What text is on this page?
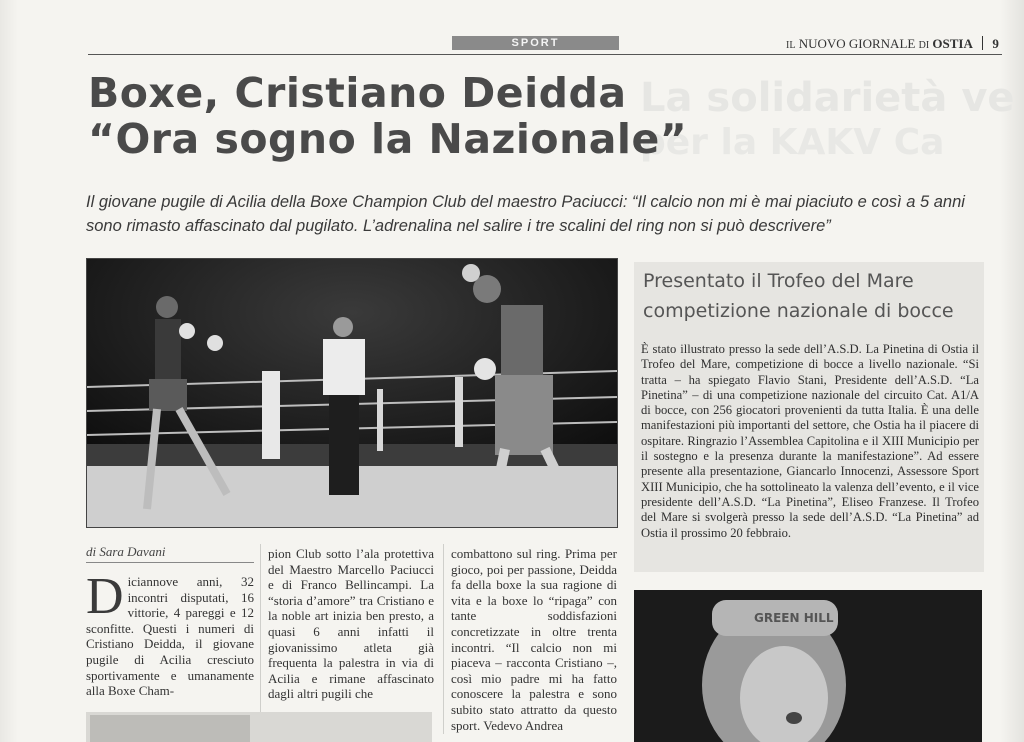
SPORT	IL NUOVO GIORNALE DI OSTIA 9
La solidarietà ve
per la KAKV Ca
Boxe, Cristiano Deidda
“Ora sogno la Nazionale”
Il giovane pugile di Acilia della Boxe Champion Club del maestro Paciucci: “Il calcio non mi è mai piaciuto e così a 5 anni sono rimasto affascinato dal pugilato. L’adrenalina nel salire i tre scalini del ring non si può descrivere”
Presentato il Trofeo del Mare
competizione nazionale di bocce
È stato illustrato presso la sede dell’A.S.D. La Pinetina di Ostia il Trofeo del Mare, competizione di bocce a livello nazionale. “Si tratta – ha spiegato Flavio Stani, Presidente dell’A.S.D. “La Pinetina” – di una competizione nazionale del circuito Cat. A1/A di bocce, con 256 giocatori provenienti da tutta Italia. È una delle manifestazioni più importanti del settore, che Ostia ha il piacere di ospitare. Ringrazio l’Assemblea Capitolina e il XIII Municipio per il sostegno e la presenza durante la manifestazione”. Ad essere presente alla presentazione, Giancarlo Innocenzi, Assessore Sport XIII Municipio, che ha sottolineato la valenza dell’evento, e il vice presidente dell’A.S.D. “La Pinetina”, Eliseo Franzese. Il Trofeo del Mare si svolgerà presso la sede dell’A.S.D. “La Pinetina” ad Ostia il prossimo 20 febbraio.
di Sara Davani
D iciannove anni, 32 incontri disputati, 16 vittorie, 4 pareggi e 12 sconfitte. Questi i numeri di Cristiano Deidda, il giovane pugile di Acilia cresciuto sportivamente e umanamente alla Boxe Cham-
pion Club sotto l’ala protettiva del Maestro Marcello Paciucci e di Franco Bellincampi. La “storia d’amore” tra Cristiano e la noble art inizia ben presto, a quasi 6 anni infatti il giovanissimo atleta già frequenta la palestra in via di Acilia e rimane affascinato dagli altri pugili che
combattono sul ring. Prima per gioco, poi per passione, Deidda fa della boxe la sua ragione di vita e la boxe lo “ripaga” con tante soddisfazioni concretizzate in oltre trenta incontri. “Il calcio non mi piaceva – racconta Cristiano –, così mio padre mi ha fatto conoscere la palestra e sono subito stato attratto da questo sport. Vedevo Andrea
GREEN HILL
